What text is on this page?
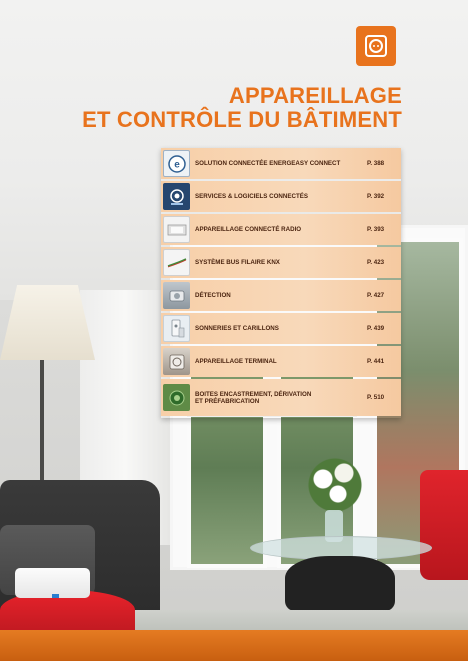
APPAREILLAGE
ET CONTRÔLE DU BÂTIMENT
e	SOLUTION CONNECTÉE ENERGEASY CONNECT	P. 388
SERVICES & LOGICIELS CONNECTÉS	P. 392
APPAREILLAGE CONNECTÉ RADIO	P. 393
SYSTÈME BUS FILAIRE KNX	P. 423
DÉTECTION	P. 427
SONNERIES ET CARILLONS	P. 439
APPAREILLAGE TERMINAL	P. 441
BOITES ENCASTREMENT, DÉRIVATION
ET PRÉFABRICATION	P. 510
